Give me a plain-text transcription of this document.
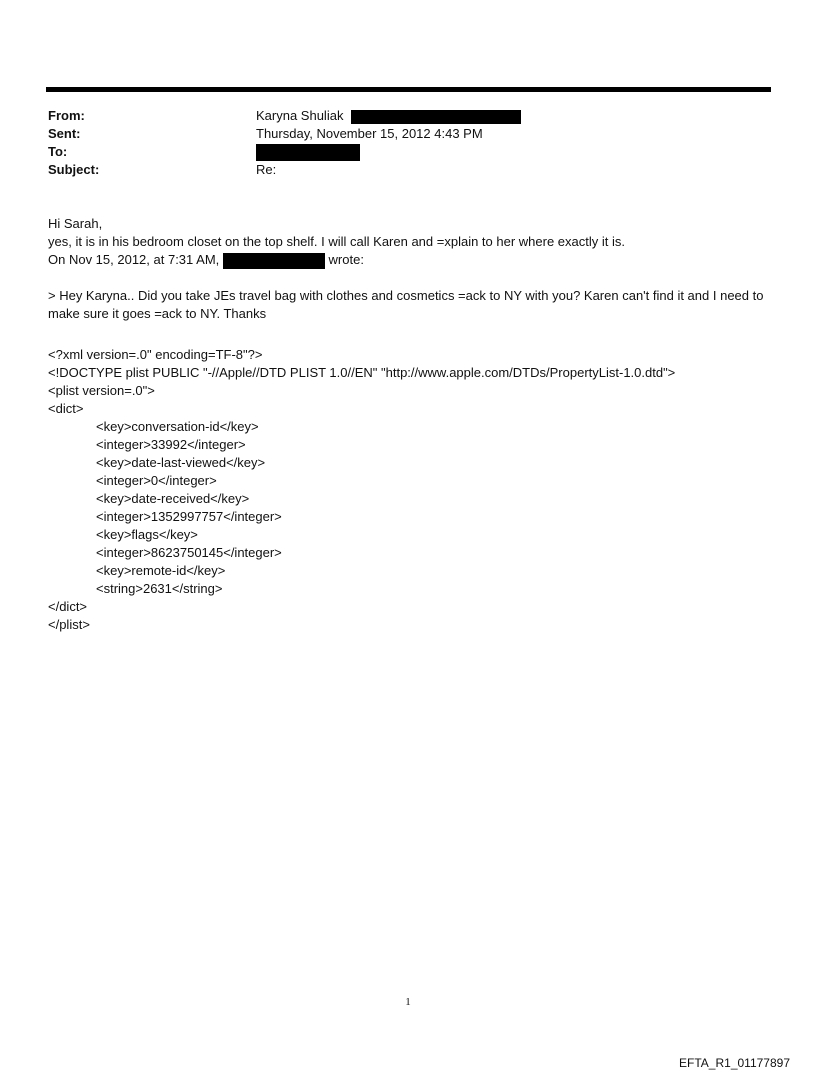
From:	Karyna Shuliak
Sent:	Thursday, November 15, 2012 4:43 PM
To:
Subject:	Re:
Hi Sarah,
yes, it is in his bedroom closet on the top shelf. I will call Karen and =xplain to her where exactly it is.
On Nov 15, 2012, at 7:31 AM,	wrote:
> Hey Karyna.. Did you take JEs travel bag with clothes and cosmetics =ack to NY with you? Karen can't find it and I need to make sure it goes =ack to NY. Thanks
<?xml version=.0" encoding=TF-8"?>
<!DOCTYPE plist PUBLIC "-//Apple//DTD PLIST 1.0//EN" "http://www.apple.com/DTDs/PropertyList-1.0.dtd">
<plist version=.0">
<dict>
<key>conversation-id</key>
<integer>33992</integer>
<key>date-last-viewed</key>
<integer>0</integer>
<key>date-received</key>
<integer>1352997757</integer>
<key>flags</key>
<integer>8623750145</integer>
<key>remote-id</key>
<string>2631</string>
</dict>
</plist>
1
EFTA_R1_01177897
